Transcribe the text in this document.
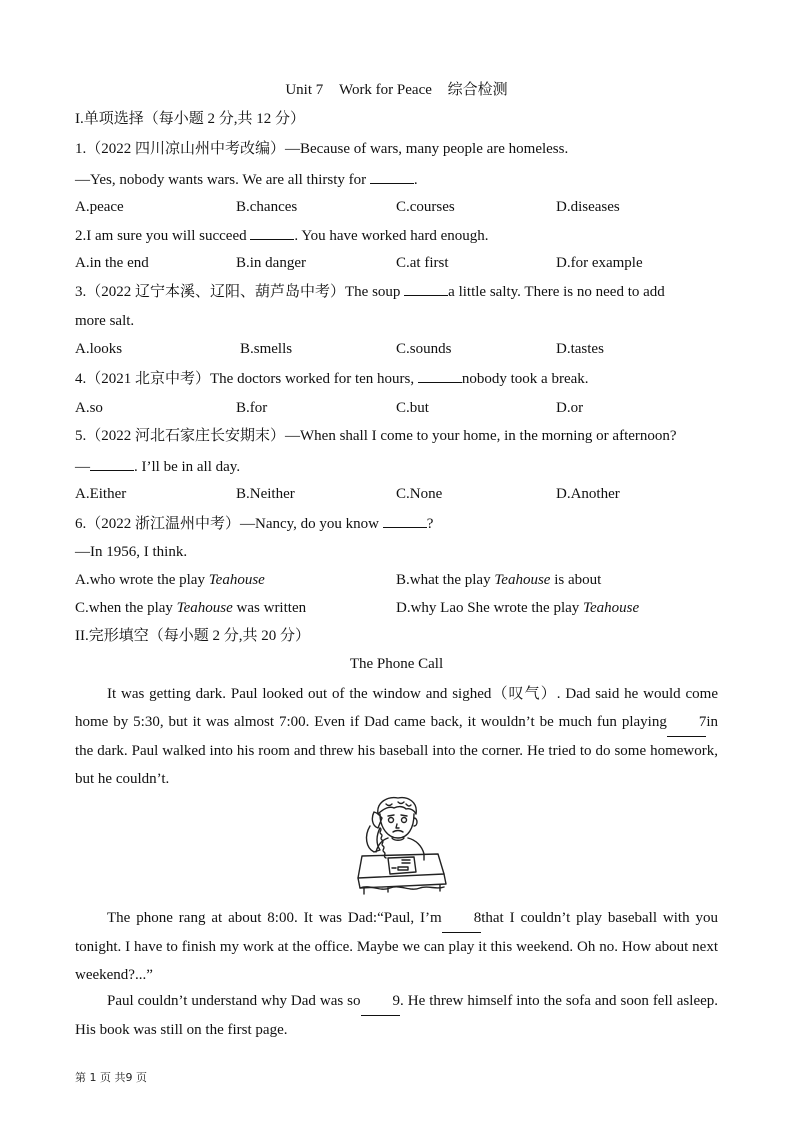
Unit 7 Work for Peace 综合检测
I.单项选择（每小题 2 分,共 12 分）
1.（2022 四川凉山州中考改编）—Because of wars, many people are homeless.
—Yes, nobody wants wars. We are all thirsty for	.
A.peace	B.chances	C.courses	D.diseases
2.I am sure you will succeed	. You have worked hard enough.
A.in the end	B.in danger	C.at first	D.for example
3.（2022 辽宁本溪、辽阳、葫芦岛中考）The soup	a little salty. There is no need to add
more salt.
A.looks	B.smells	C.sounds	D.tastes
4.（2021 北京中考）The doctors worked for ten hours,	nobody took a break.
A.so	B.for	C.but	D.or
5.（2022 河北石家庄长安期末）—When shall I come to your home, in the morning or afternoon?
—	. I’ll be in all day.
A.Either	B.Neither	C.None	D.Another
6.（2022 浙江温州中考）—Nancy, do you know	?
—In 1956, I think.
A.who wrote the play Teahouse	B.what the play Teahouse is about
C.when the play Teahouse was written	D.why Lao She wrote the play Teahouse
II.完形填空（每小题 2 分,共 20 分）
The Phone Call
It was getting dark. Paul looked out of the window and sighed（叹气）. Dad said he would come home by 5:30, but it was almost 7:00. Even if Dad came back, it wouldn’t be much fun playing 7in the dark. Paul walked into his room and threw his baseball into the corner. He tried to do some homework, but he couldn’t.
The phone rang at about 8:00. It was Dad:“Paul, I’m 8that I couldn’t play baseball with you tonight. I have to finish my work at the office. Maybe we can play it this weekend. Oh no. How about next weekend?...”
Paul couldn’t understand why Dad was so 9. He threw himself into the sofa and soon fell asleep. His book was still on the first page.
第 1 页 共9 页
